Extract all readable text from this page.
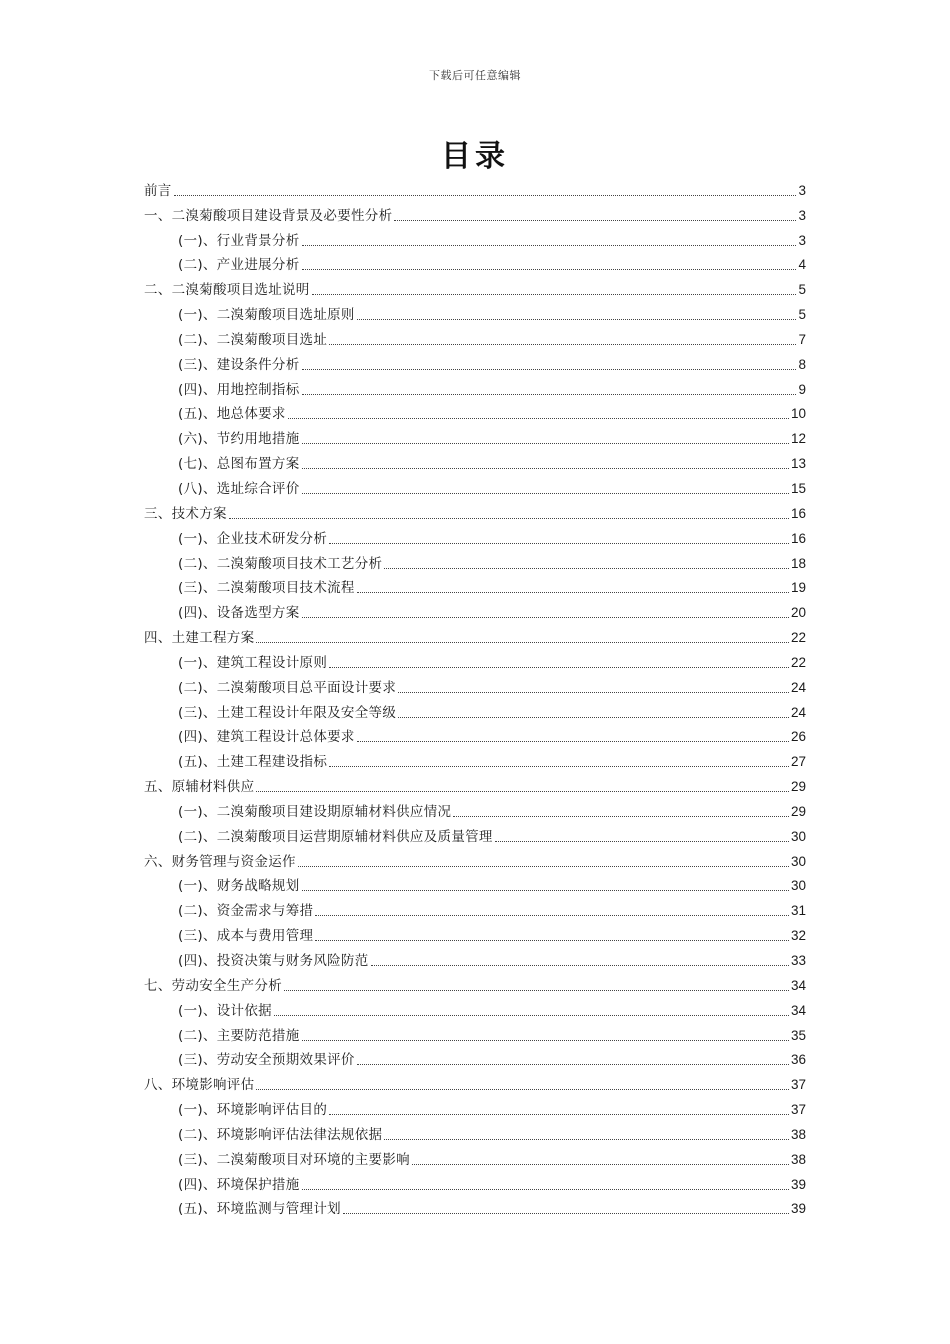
下载后可任意编辑
目录
前言	3
一、二溴菊酸项目建设背景及必要性分析	3
(一)、行业背景分析	3
(二)、产业进展分析	4
二、二溴菊酸项目选址说明	5
(一)、二溴菊酸项目选址原则	5
(二)、二溴菊酸项目选址	7
(三)、建设条件分析	8
(四)、用地控制指标	9
(五)、地总体要求	10
(六)、节约用地措施	12
(七)、总图布置方案	13
(八)、选址综合评价	15
三、技术方案	16
(一)、企业技术研发分析	16
(二)、二溴菊酸项目技术工艺分析	18
(三)、二溴菊酸项目技术流程	19
(四)、设备选型方案	20
四、土建工程方案	22
(一)、建筑工程设计原则	22
(二)、二溴菊酸项目总平面设计要求	24
(三)、土建工程设计年限及安全等级	24
(四)、建筑工程设计总体要求	26
(五)、土建工程建设指标	27
五、原辅材料供应	29
(一)、二溴菊酸项目建设期原辅材料供应情况	29
(二)、二溴菊酸项目运营期原辅材料供应及质量管理	30
六、财务管理与资金运作	30
(一)、财务战略规划	30
(二)、资金需求与筹措	31
(三)、成本与费用管理	32
(四)、投资决策与财务风险防范	33
七、劳动安全生产分析	34
(一)、设计依据	34
(二)、主要防范措施	35
(三)、劳动安全预期效果评价	36
八、环境影响评估	37
(一)、环境影响评估目的	37
(二)、环境影响评估法律法规依据	38
(三)、二溴菊酸项目对环境的主要影响	38
(四)、环境保护措施	39
(五)、环境监测与管理计划	39
